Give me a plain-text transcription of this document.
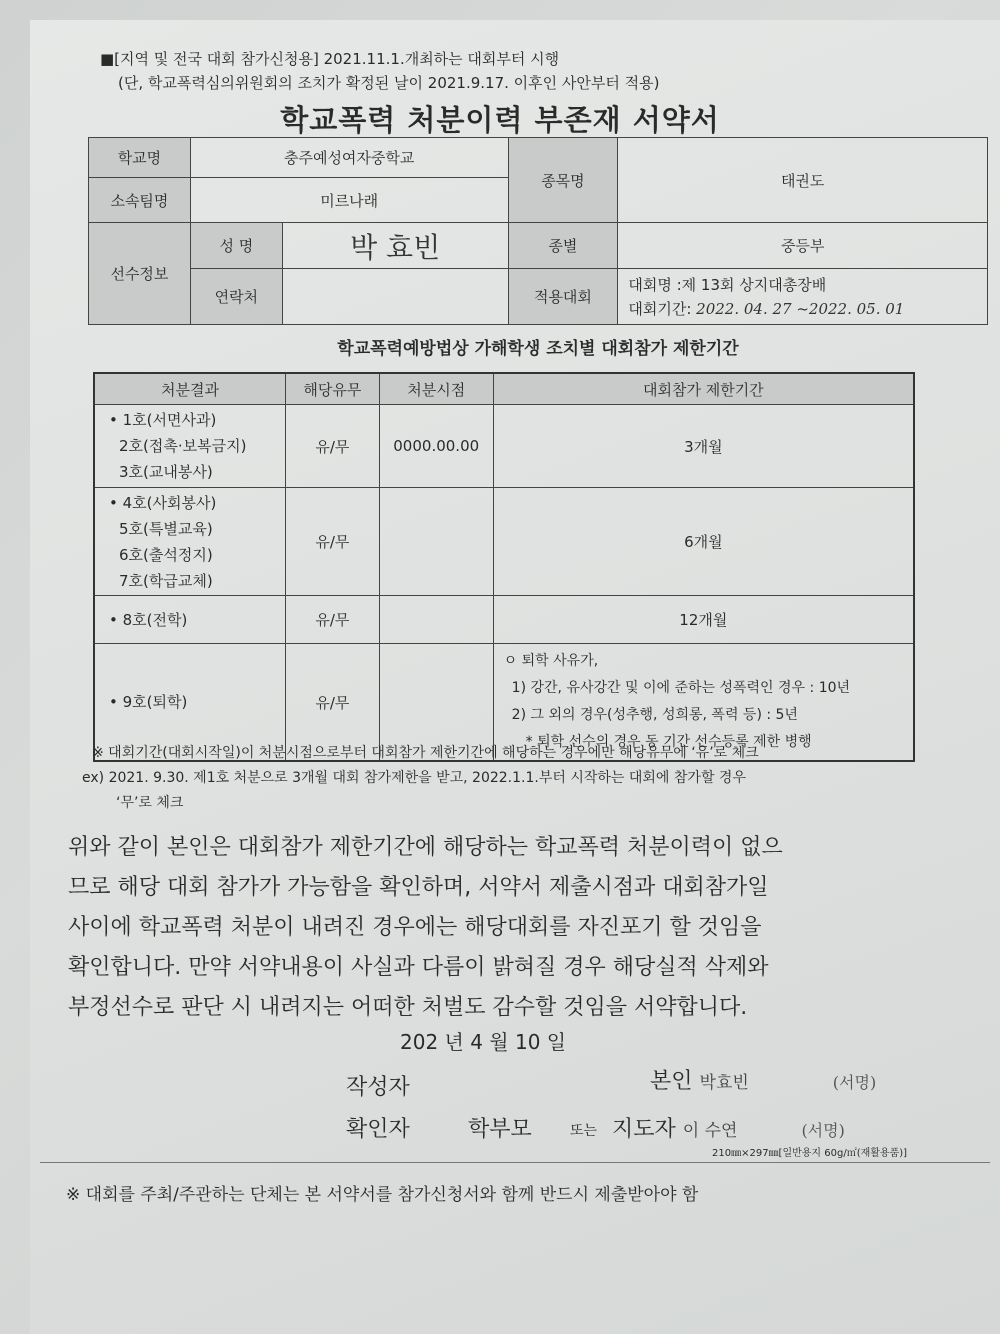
■[지역 및 전국 대회 참가신청용] 2021.11.1.개최하는 대회부터 시행
(단, 학교폭력심의위원회의 조치가 확정된 날이 2021.9.17. 이후인 사안부터 적용)
학교폭력 처분이력 부존재 서약서
학교명	충주예성여자중학교		종목명	태권도
소속팀명	미르나래			
선수정보	성 명	박 효빈	종별	중등부
	연락처		적용대회	대회명 :제 13회 상지대총장배
대회기간: 2022. 04. 27 ~2022. 05. 01
학교폭력예방법상 가해학생 조치별 대회참가 제한기간
처분결과	해당유무	처분시점	대회참가 제한기간

• 1호(서면사과)
2호(접촉·보복금지)
3호(교내봉사)	유/무	0000.00.00	3개월

• 4호(사회봉사)
5호(특별교육)
6호(출석정지)
7호(학급교체)	유/무		6개월

• 8호(전학)	유/무		12개월

• 9호(퇴학)	유/무		ㅇ 퇴학 사유가,
1) 강간, 유사강간 및 이에 준하는 성폭력인 경우 : 10년
2) 그 외의 경우(성추행, 성희롱, 폭력 등) : 5년
* 퇴학 선수의 경우 동 기간 선수등록 제한 병행
※ 대회기간(대회시작일)이 처분시점으로부터 대회참가 제한기간에 해당하는 경우에만 해당유무에 ‘유’로 체크
ex) 2021. 9.30. 제1호 처분으로 3개월 대회 참가제한을 받고, 2022.1.1.부터 시작하는 대회에 참가할 경우
‘무’로 체크
위와 같이 본인은 대회참가 제한기간에 해당하는 학교폭력 처분이력이 없으
므로 해당 대회 참가가 가능함을 확인하며, 서약서 제출시점과 대회참가일
사이에 학교폭력 처분이 내려진 경우에는 해당대회를 자진포기 할 것임을
확인합니다. 만약 서약내용이 사실과 다름이 밝혀질 경우 해당실적 삭제와
부정선수로 판단 시 내려지는 어떠한 처벌도 감수할 것임을 서약합니다.
202 년 4 월 10 일
작성자	본인 박효빈	(서명)
확인자	학부모	또는 지도자 이 수연	(서명)
210㎜×297㎜[일반용지 60g/㎡(재활용품)]
※ 대회를 주최/주관하는 단체는 본 서약서를 참가신청서와 함께 반드시 제출받아야 함
